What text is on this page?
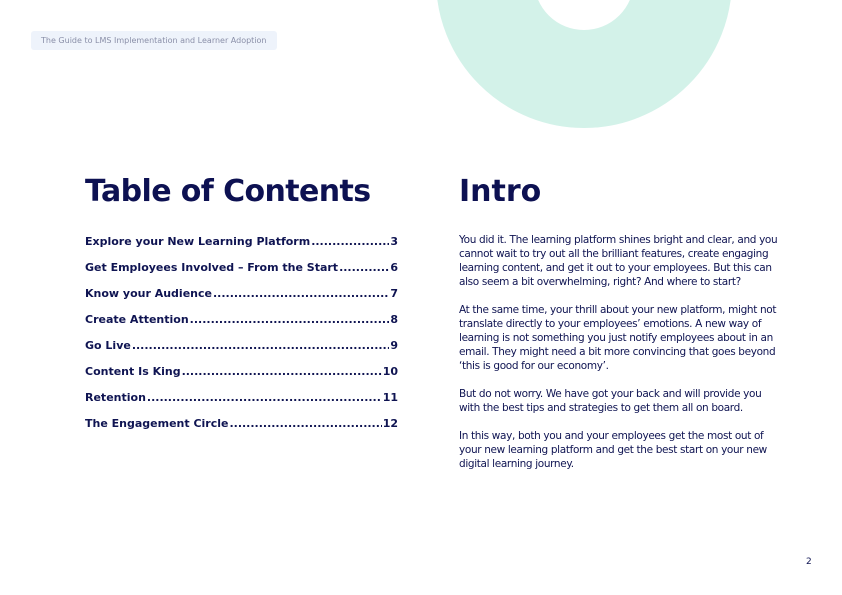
The Guide to LMS Implementation and Learner Adoption
Table of Contents
Explore your New Learning Platform .....	3
Get Employees Involved – From the Start .....	6
Know your Audience .....	7
Create Attention .....	8
Go Live .....	9
Content Is King .....	10
Retention .....	11
The Engagement Circle .....	12
Intro

You did it. The learning platform shines bright and clear, and you cannot wait to try out all the brilliant features, create engaging learning content, and get it out to your employees. But this can also seem a bit overwhelming, right? And where to start?

At the same time, your thrill about your new platform, might not translate directly to your employees’ emotions. A new way of learning is not something you just notify employees about in an email. They might need a bit more convincing that goes beyond ‘this is good for our economy’.

But do not worry. We have got your back and will provide you with the best tips and strategies to get them all on board.

In this way, both you and your employees get the most out of your new learning platform and get the best start on your new digital learning journey.

2
